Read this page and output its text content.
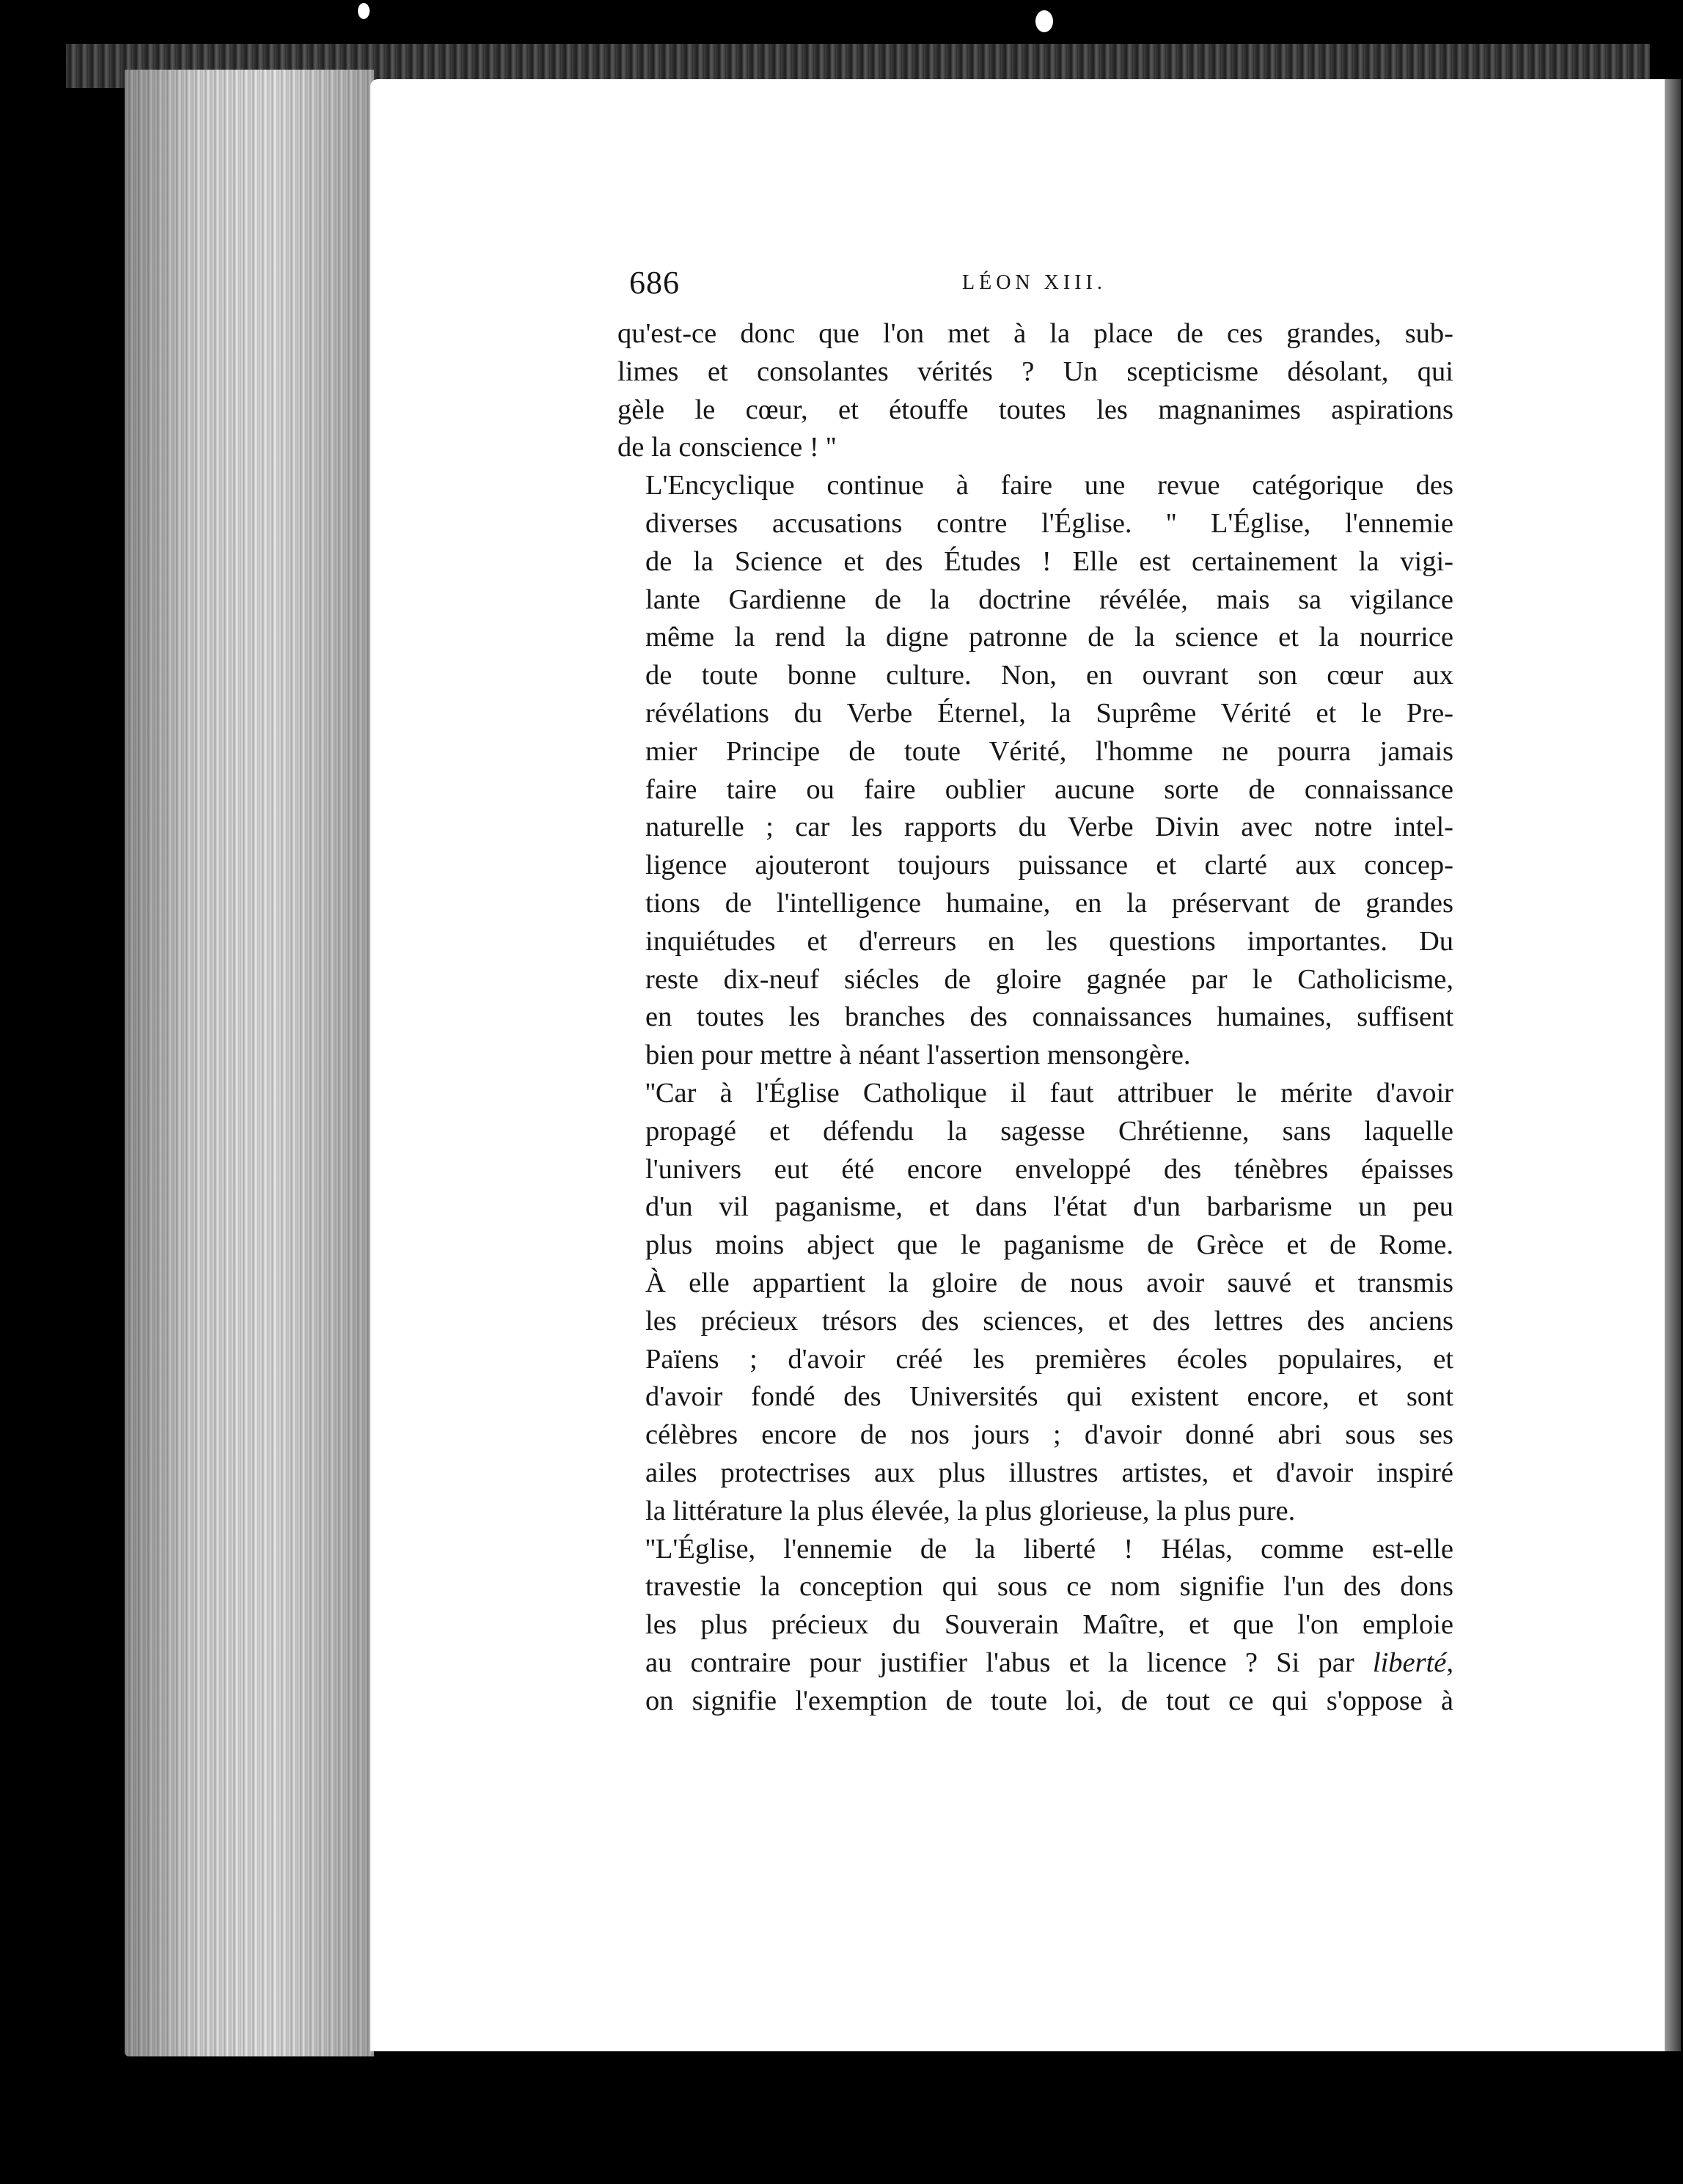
686	LÉON XIII.

qu'est-ce donc que l'on met à la place de ces grandes, sub-
limes et consolantes vérités ? Un scepticisme désolant, qui
gèle le cœur, et étouffe toutes les magnanimes aspirations
de la conscience ! ''

L'Encyclique continue à faire une revue catégorique des
diverses accusations contre l'Église. '' L'Église, l'ennemie
de la Science et des Études ! Elle est certainement la vigi-
lante Gardienne de la doctrine révélée, mais sa vigilance
même la rend la digne patronne de la science et la nourrice
de toute bonne culture. Non, en ouvrant son cœur aux
révélations du Verbe Éternel, la Suprême Vérité et le Pre-
mier Principe de toute Vérité, l'homme ne pourra jamais
faire taire ou faire oublier aucune sorte de connaissance
naturelle ; car les rapports du Verbe Divin avec notre intel-
ligence ajouteront toujours puissance et clarté aux concep-
tions de l'intelligence humaine, en la préservant de grandes
inquiétudes et d'erreurs en les questions importantes. Du
reste dix-neuf siécles de gloire gagnée par le Catholicisme,
en toutes les branches des connaissances humaines, suffisent
bien pour mettre à néant l'assertion mensongère.

''Car à l'Église Catholique il faut attribuer le mérite d'avoir
propagé et défendu la sagesse Chrétienne, sans laquelle
l'univers eut été encore enveloppé des ténèbres épaisses
d'un vil paganisme, et dans l'état d'un barbarisme un peu
plus moins abject que le paganisme de Grèce et de Rome.
À elle appartient la gloire de nous avoir sauvé et transmis
les précieux trésors des sciences, et des lettres des anciens
Païens ; d'avoir créé les premières écoles populaires, et
d'avoir fondé des Universités qui existent encore, et sont
célèbres encore de nos jours ; d'avoir donné abri sous ses
ailes protectrises aux plus illustres artistes, et d'avoir inspiré
la littérature la plus élevée, la plus glorieuse, la plus pure.

''L'Église, l'ennemie de la liberté ! Hélas, comme est-elle
travestie la conception qui sous ce nom signifie l'un des dons
les plus précieux du Souverain Maître, et que l'on emploie
au contraire pour justifier l'abus et la licence ? Si par liberté,
on signifie l'exemption de toute loi, de tout ce qui s'oppose à
